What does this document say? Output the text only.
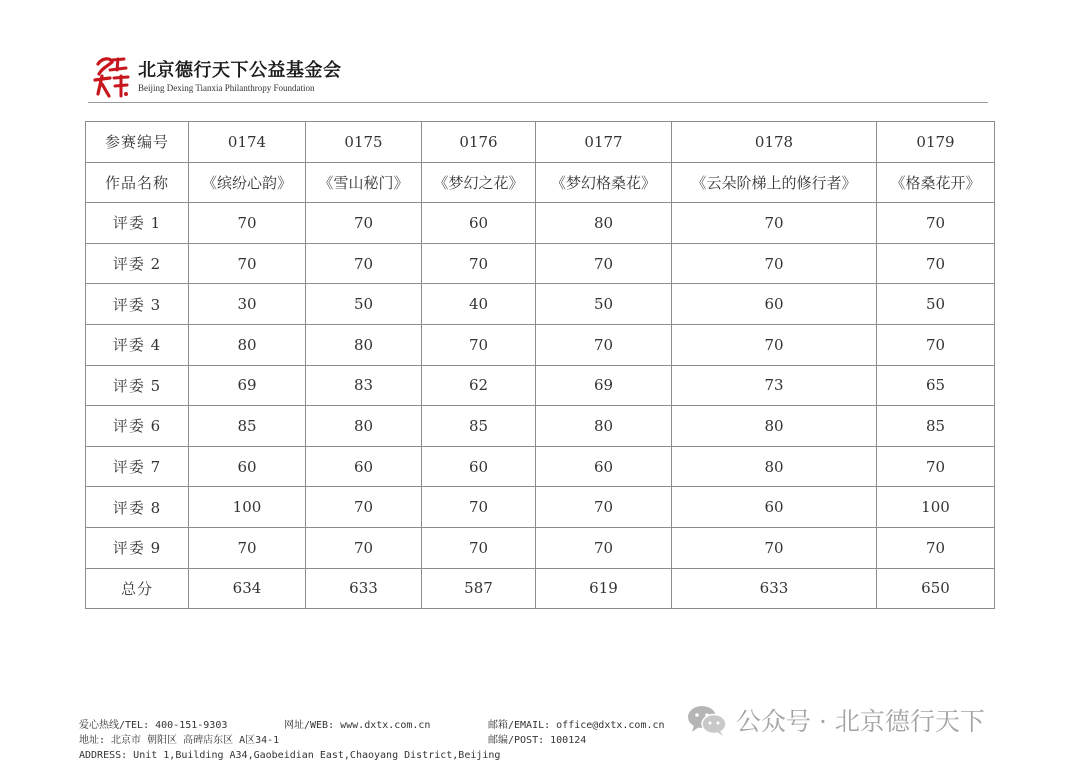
北京德行天下公益基金会
Beijing Dexing Tianxia Philanthropy Foundation
参赛编号	0174	0175	0176	0177	0178	0179
作品名称	《缤纷心韵》	《雪山秘门》	《梦幻之花》	《梦幻格桑花》	《云朵阶梯上的修行者》	《格桑花开》
评委 1	70	70	60	80	70	70
评委 2	70	70	70	70	70	70
评委 3	30	50	40	50	60	50
评委 4	80	80	70	70	70	70
评委 5	69	83	62	69	73	65
评委 6	85	80	85	80	80	85
评委 7	60	60	60	60	80	70
评委 8	100	70	70	70	60	100
评委 9	70	70	70	70	70	70
总分	634	633	587	619	633	650
爱心热线/TEL: 400-151-9303	网址/WEB: www.dxtx.com.cn	邮箱/EMAIL: office@dxtx.com.cn
地址: 北京市 朝阳区 高碑店东区 A区34-1	邮编/POST: 100124
ADDRESS: Unit 1,Building A34,Gaobeidian East,Chaoyang District,Beijing
公众号 · 北京德行天下
